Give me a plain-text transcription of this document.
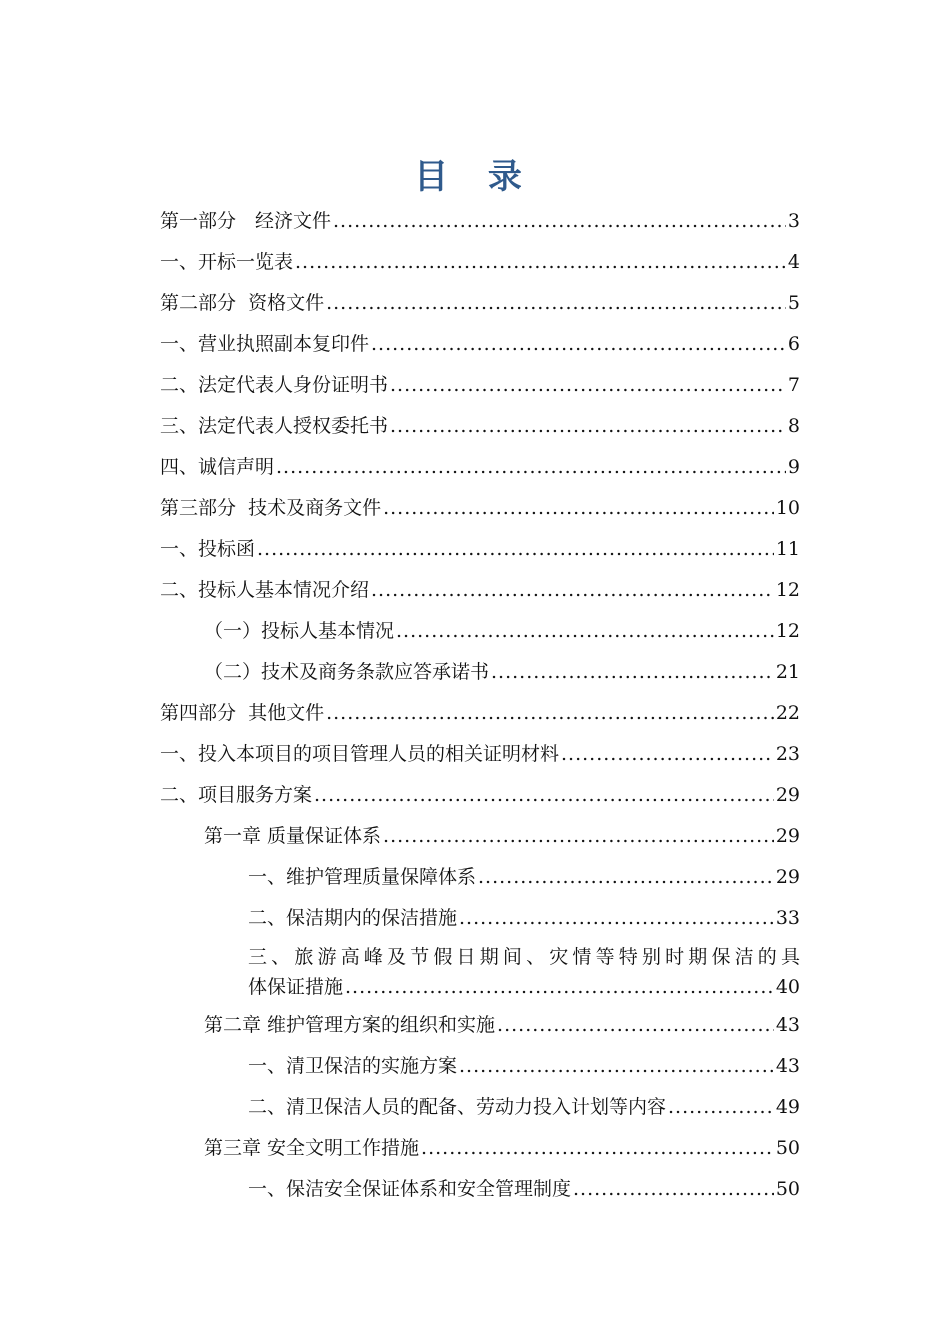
目 录
第一部分　经济文件 .....	3
一、开标一览表 .....	4
第二部分  资格文件 .....	5
一、营业执照副本复印件 .....	6
二、法定代表人身份证明书 .....	7
三、法定代表人授权委托书 .....	8
四、诚信声明 .....	9
第三部分  技术及商务文件 .....	10
一、投标函 .....	11
二、投标人基本情况介绍 .....	12
（一）投标人基本情况 .....	12
（二）技术及商务条款应答承诺书 .....	21
第四部分  其他文件 .....	22
一、投入本项目的项目管理人员的相关证明材料 .....	23
二、项目服务方案 .....	29
第一章 质量保证体系 .....	29
一、维护管理质量保障体系 .....	29
二、保洁期内的保洁措施 .....	33
三、旅游高峰及节假日期间、灾情等特别时期保洁的具
体保证措施 .....	40
第二章 维护管理方案的组织和实施 .....	43
一、清卫保洁的实施方案 .....	43
二、清卫保洁人员的配备、劳动力投入计划等内容 .....	49
第三章 安全文明工作措施 .....	50
一、保洁安全保证体系和安全管理制度 .....	50
